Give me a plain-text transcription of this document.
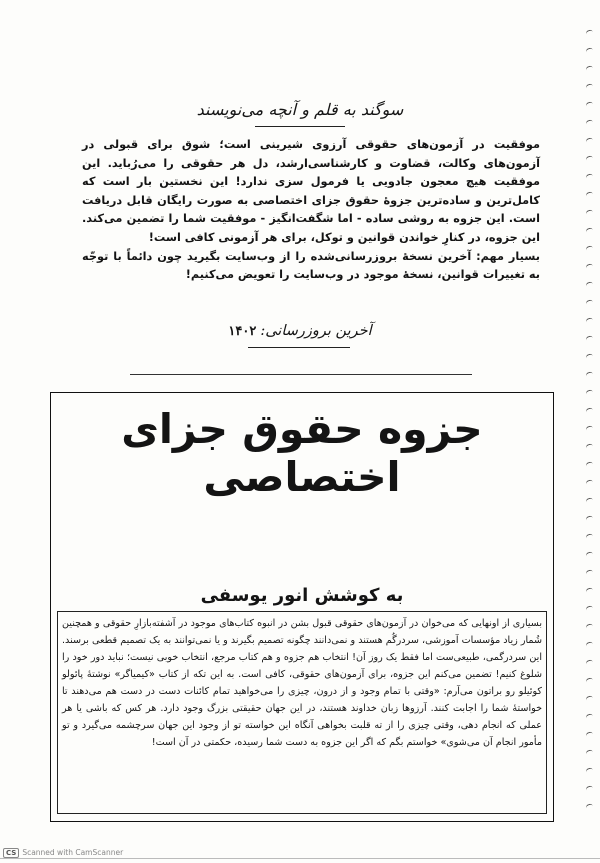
سوگند به قلم و آنچه می‌نویسند

موفقیت در آزمون‌های حقوقی آرزوی شیرینی است؛ شوق برای قبولی در آزمون‌های وکالت، قضاوت و کارشناسی‌ارشد، دل هر حقوقی را می‌رُباید. این موفقیت هیچ معجون جادویی یا فرمول سزی ندارد! این نخستین بار است که کامل‌ترین و ساده‌ترین جزوهٔ حقوق جزای اختصاصی به صورت رایگان قابل دریافت است. این جزوه به روشی ساده - اما شگفت‌انگیز - موفقیت شما را تضمین می‌کند. این جزوه، در کنارِ خواندن قوانین و توکل، برای هر آزمونی کافی است!

بسیار مهم: آخرین نسخهٔ بروزرسانی‌شده را از وب‌سایت بگیرید چون دائماً با توجّه به تغییرات قوانین، نسخهٔ موجود در وب‌سایت را تعویض می‌کنیم!

آخرین بروزرسانی:۱۴۰۲
جزوه حقوق جزای اختصاصی
به کوشش انور یوسفی

بسیاری از اونهایی که می‌خوان در آزمون‌های حقوقی قبول بشن در انبوه کتاب‌های موجود در آشفته‌بازارِ حقوقی و همچنین شُمار زیاد مؤسسات آموزشی، سردرگُم هستند و نمی‌دانند چگونه تصمیم بگیرند و یا نمی‌توانند به یک تصمیم قطعی برسند. این سردرگمی، طبیعی‌ست اما فقط یک روز آن! انتخاب هم جزوه و هم کتاب مرجع، انتخاب خوبی نیست؛ نباید دور خود را شلوغ کنیم! تضمین می‌کنم این جزوه، برای آزمون‌های حقوقی، کافی است. به این تکه از کتاب «کیمیاگر» نوشتهٔ پائولو کوئیلو رو براتون می‌آرم: «وقتی با تمام وجود و از درون، چیزی را می‌خواهید تمام کائنات دست در دست هم می‌دهند تا خواستهٔ شما را اجابت کنند. آرزوها زبان خداوند هستند، در این جهان حقیقتی بزرگ وجود دارد. هر کس که باشی یا هر عملی که انجام دهی، وقتی چیزی را از ته قلبت بخواهی آنگاه این خواسته تو از وجود این جهان سرچشمه می‌گیرد و تو مأمور انجام آن می‌شوی» خواستم بگم که اگر این جزوه به دست شما رسیده، حکمتی در آن است!

CS Scanned with CamScanner
